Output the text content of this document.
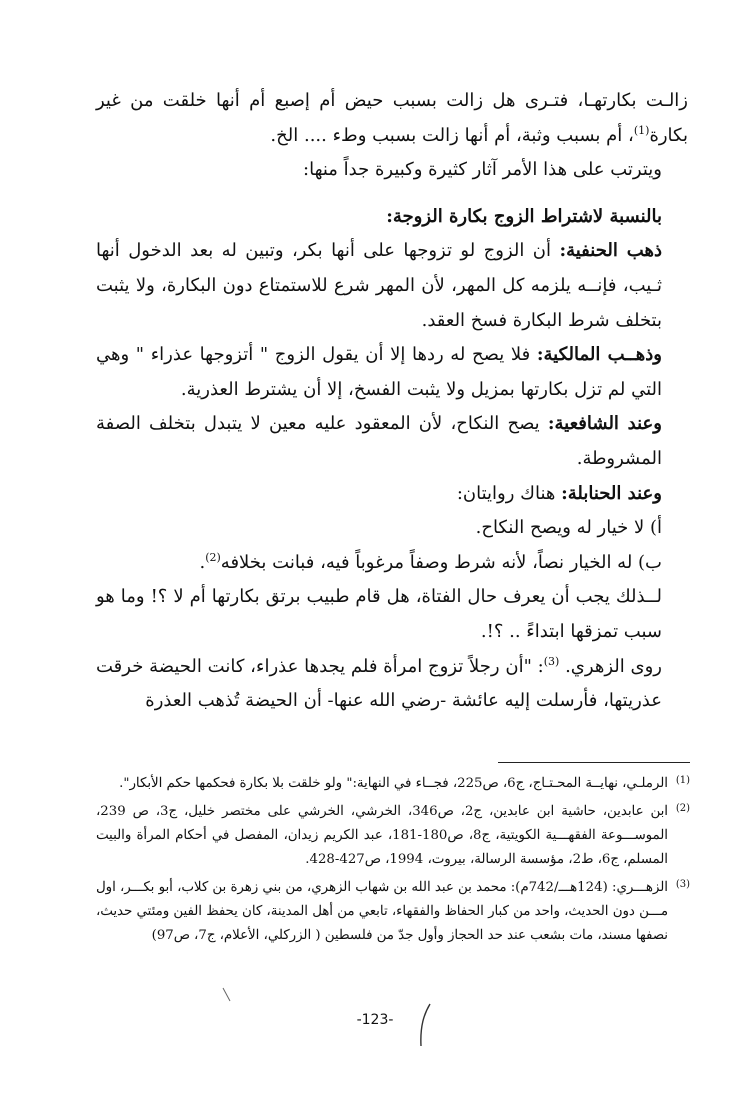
زالـت بكارتهـا، فتـرى هل زالت بسبب حيض أم إصبع أم أنها خلقت من غير بكارة$^{(1)}$، أم بسبب وثبة، أم أنها زالت بسبب وطء .... الخ.

ويترتب على هذا الأمر آثار كثيرة وكبيرة جداً منها:

بالنسبة لاشتراط الزوج بكارة الزوجة:

ذهب الحنفية: أن الزوج لو تزوجها على أنها بكر، وتبين له بعد الدخول أنها ثـيب، فإنــه يلزمه كل المهر، لأن المهر شرع للاستمتاع دون البكارة، ولا يثبت بتخلف شرط البكارة فسخ العقد.

وذهــب المالكية: فلا يصح له ردها إلا أن يقول الزوج " أتزوجها عذراء " وهي التي لم تزل بكارتها بمزيل ولا يثبت الفسخ، إلا أن يشترط العذرية.

وعند الشافعية: يصح النكاح، لأن المعقود عليه معين لا يتبدل بتخلف الصفة المشروطة.

وعند الحنابلة: هناك روايتان:

أ) لا خيار له ويصح النكاح.

ب) له الخيار نصاً، لأنه شرط وصفاً مرغوباً فيه، فبانت بخلافه$^{(2)}$.

لــذلك يجب أن يعرف حال الفتاة، هل قام طبيب برتق بكارتها أم لا ؟! وما هو سبب تمزقها ابتداءً .. ؟!.

روى الزهري. $^{(3)}$: "أن رجلاً تزوج امرأة فلم يجدها عذراء، كانت الحيضة خرقت عذريتها، فأرسلت إليه عائشة -رضي الله عنها- أن الحيضة تُذهب العذرة

(1)
الرملـي، نهايــة المحـتـاج، ج6، ص225، فجــاء في النهاية:" ولو خلقت بلا بكارة فحكمها حكم الأبكار".

(2)
ابن عابدين، حاشية ابن عابدين، ج2، ص346، الخرشي، الخرشي على مختصر خليل، ج3، ص 239، الموســـوعة الفقهـــية الكويتية، ج8، ص180-181، عبد الكريم زيدان، المفصل في أحكام المرأة والبيت المسلم، ج6، ط2، مؤسسة الرسالة، بيروت، 1994، ص427-428.

(3)
الزهـــري: (124هـــ/742م): محمد بن عبد الله بن شهاب الزهري، من بني زهرة بن كلاب، أبو بكـــر، اول مـــن دون الحديث، واحد من كبار الحفاظ والفقهاء، تابعي من أهل المدينة، كان يحفظ الفين ومئتي حديث، نصفها مسند، مات بشعب عند حد الحجاز وأول جدّ من فلسطين ( الزركلي، الأعلام، ج7، ص97)

-123-
